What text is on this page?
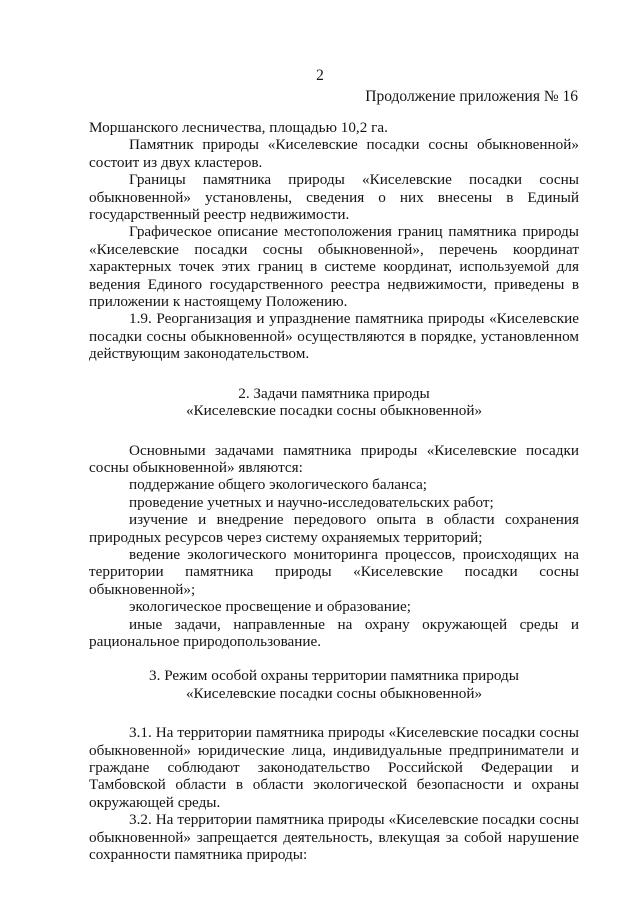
2
Продолжение приложения № 16

Моршанского лесничества, площадью 10,2 га.

Памятник природы «Киселевские посадки сосны обыкновенной» состоит из двух кластеров.

Границы памятника природы «Киселевские посадки сосны обыкновенной» установлены, сведения о них внесены в Единый государственный реестр недвижимости.

Графическое описание местоположения границ памятника природы «Киселевские посадки сосны обыкновенной», перечень координат характерных точек этих границ в системе координат, используемой для ведения Единого государственного реестра недвижимости, приведены в приложении к настоящему Положению.

1.9. Реорганизация и упразднение памятника природы «Киселевские посадки сосны обыкновенной» осуществляются в порядке, установленном действующим законодательством.

2. Задачи памятника природы

«Киселевские посадки сосны обыкновенной»

Основными задачами памятника природы «Киселевские посадки сосны обыкновенной» являются:

поддержание общего экологического баланса;

проведение учетных и научно-исследовательских работ;

изучение и внедрение передового опыта в области сохранения природных ресурсов через систему охраняемых территорий;

ведение экологического мониторинга процессов, происходящих на территории памятника природы «Киселевские посадки сосны обыкновенной»;

экологическое просвещение и образование;

иные задачи, направленные на охрану окружающей среды и рациональное природопользование.

3. Режим особой охраны территории памятника природы

«Киселевские посадки сосны обыкновенной»

3.1. На территории памятника природы «Киселевские посадки сосны обыкновенной» юридические лица, индивидуальные предприниматели и граждане соблюдают законодательство Российской Федерации и Тамбовской области в области экологической безопасности и охраны окружающей среды.

3.2. На территории памятника природы «Киселевские посадки сосны обыкновенной» запрещается деятельность, влекущая за собой нарушение сохранности памятника природы:
